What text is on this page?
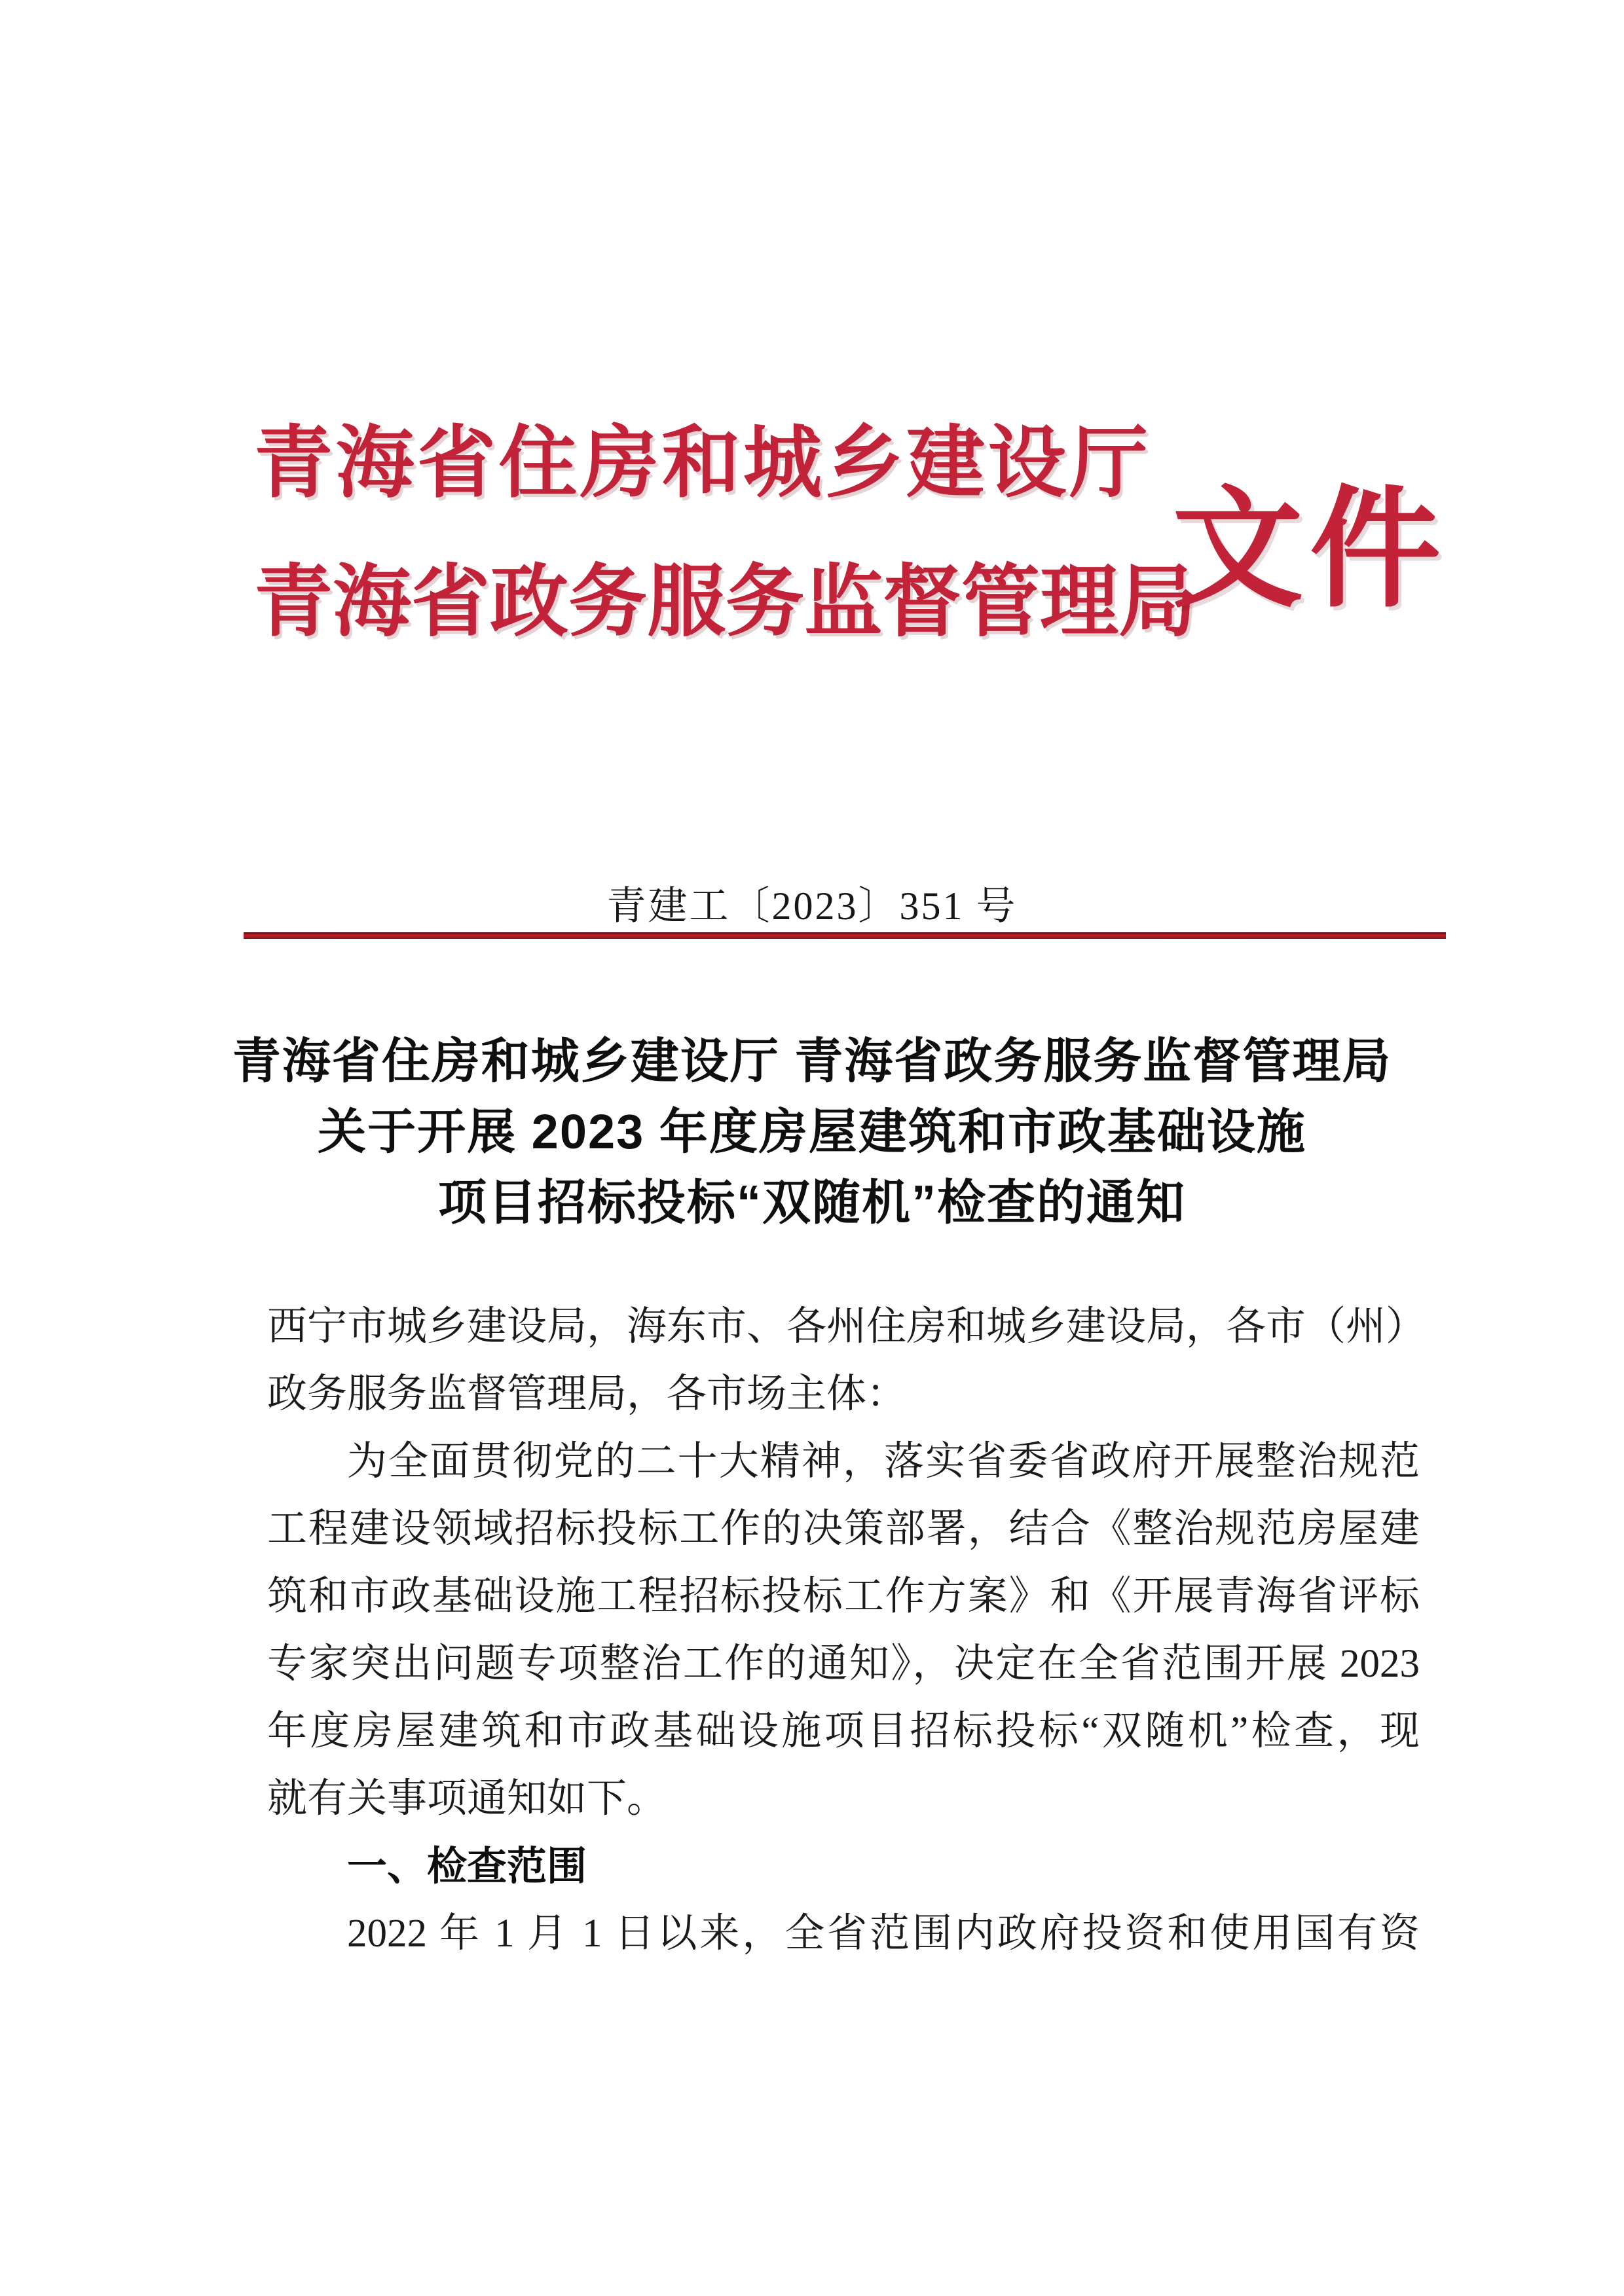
青海省住房和城乡建设厅
青海省政务服务监督管理局
文件
青建工〔2023〕351 号
青海省住房和城乡建设厅 青海省政务服务监督管理局
关于开展 2023 年度房屋建筑和市政基础设施
项目招标投标“双随机”检查的通知
西宁市城乡建设局，海东市、各州住房和城乡建设局，各市（州）
政务服务监督管理局，各市场主体：
为全面贯彻党的二十大精神，落实省委省政府开展整治规范
工程建设领域招标投标工作的决策部署，结合《整治规范房屋建
筑和市政基础设施工程招标投标工作方案》和《开展青海省评标
专家突出问题专项整治工作的通知》，决定在全省范围开展 2023
年度房屋建筑和市政基础设施项目招标投标“双随机”检查，现
就有关事项通知如下。
一、检查范围
2022 年 1 月 1 日以来，全省范围内政府投资和使用国有资
